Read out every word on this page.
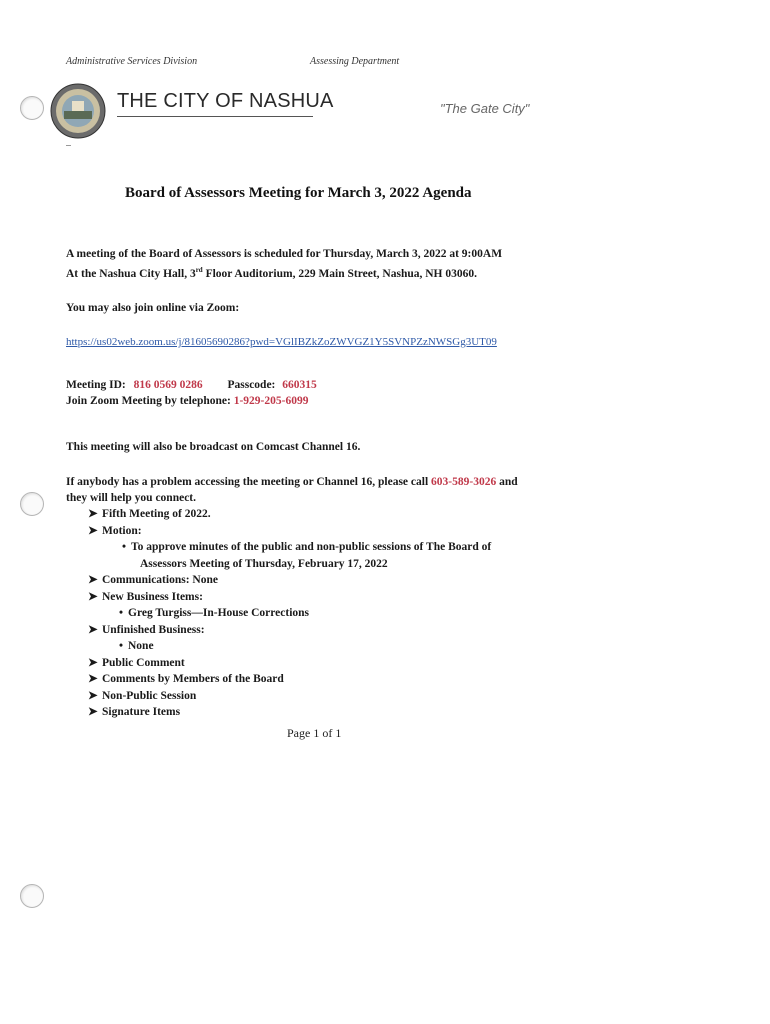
Administrative Services Division	Assessing Department
THE CITY OF NASHUA	"The Gate City"
Board of Assessors Meeting for March 3, 2022 Agenda
A meeting of the Board of Assessors is scheduled for Thursday, March 3, 2022 at 9:00AM
At the Nashua City Hall, 3rd Floor Auditorium, 229 Main Street, Nashua, NH 03060.
You may also join online via Zoom:
https://us02web.zoom.us/j/81605690286?pwd=VGlIBZkZoZWVGZ1Y5SVNPZzNWSGg3UT09
Meeting ID: 816 0569 0286 Passcode: 660315
Join Zoom Meeting by telephone: 1-929-205-6099
This meeting will also be broadcast on Comcast Channel 16.
If anybody has a problem accessing the meeting or Channel 16, please call 603-589-3026 and
they will help you connect.
➤ Fifth Meeting of 2022.
➤ Motion:
• To approve minutes of the public and non-public sessions of The Board of
Assessors Meeting of Thursday, February 17, 2022
➤ Communications: None
➤ New Business Items:
• Greg Turgiss—In-House Corrections
➤ Unfinished Business:
• None
➤ Public Comment
➤ Comments by Members of the Board
➤ Non-Public Session
➤ Signature Items
Page 1 of 1
